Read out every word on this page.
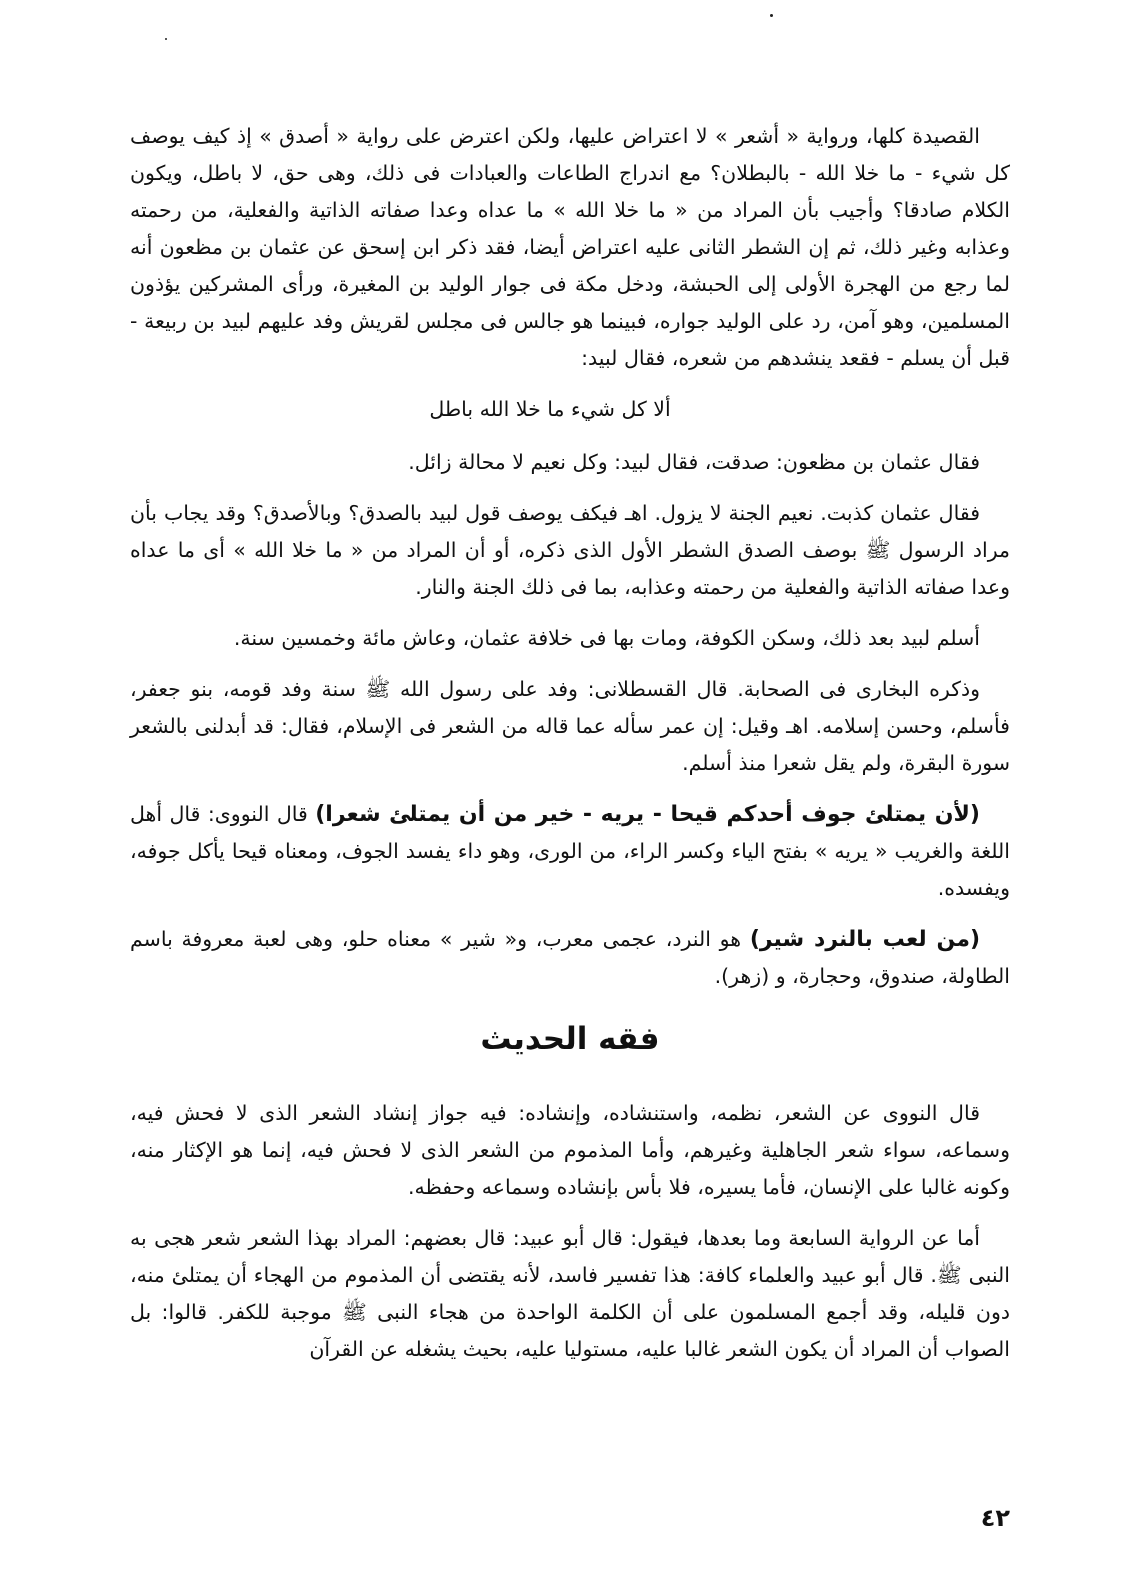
القصيدة كلها، ورواية « أشعر » لا اعتراض عليها، ولكن اعترض على رواية « أصدق » إذ كيف يوصف كل شيء - ما خلا الله - بالبطلان؟ مع اندراج الطاعات والعبادات فى ذلك، وهى حق، لا باطل، ويكون الكلام صادقا؟ وأجيب بأن المراد من « ما خلا الله » ما عداه وعدا صفاته الذاتية والفعلية، من رحمته وعذابه وغير ذلك، ثم إن الشطر الثانى عليه اعتراض أيضا، فقد ذكر ابن إسحق عن عثمان بن مظعون أنه لما رجع من الهجرة الأولى إلى الحبشة، ودخل مكة فى جوار الوليد بن المغيرة، ورأى المشركين يؤذون المسلمين، وهو آمن، رد على الوليد جواره، فبينما هو جالس فى مجلس لقريش وفد عليهم لبيد بن ربيعة - قبل أن يسلم - فقعد ينشدهم من شعره، فقال لبيد:

ألا كل شيء ما خلا الله باطل

فقال عثمان بن مظعون: صدقت، فقال لبيد: وكل نعيم لا محالة زائل.

فقال عثمان كذبت. نعيم الجنة لا يزول. اهـ فيكف يوصف قول لبيد بالصدق؟ وبالأصدق؟ وقد يجاب بأن مراد الرسول ﷺ بوصف الصدق الشطر الأول الذى ذكره، أو أن المراد من « ما خلا الله » أى ما عداه وعدا صفاته الذاتية والفعلية من رحمته وعذابه، بما فى ذلك الجنة والنار.

أسلم لبيد بعد ذلك، وسكن الكوفة، ومات بها فى خلافة عثمان، وعاش مائة وخمسين سنة.

وذكره البخارى فى الصحابة. قال القسطلانى: وفد على رسول الله ﷺ سنة وفد قومه، بنو جعفر، فأسلم، وحسن إسلامه. اهـ وقيل: إن عمر سأله عما قاله من الشعر فى الإسلام، فقال: قد أبدلنى بالشعر سورة البقرة، ولم يقل شعرا منذ أسلم.

(لأن يمتلئ جوف أحدكم قيحا - يريه - خير من أن يمتلئ شعرا) قال النووى: قال أهل اللغة والغريب « يريه » بفتح الياء وكسر الراء، من الورى، وهو داء يفسد الجوف، ومعناه قيحا يأكل جوفه، ويفسده.

(من لعب بالنرد شير) هو النرد، عجمى معرب، و« شير » معناه حلو، وهى لعبة معروفة باسم الطاولة، صندوق، وحجارة، و (زهر).

فقه الحديث

قال النووى عن الشعر، نظمه، واستنشاده، وإنشاده: فيه جواز إنشاد الشعر الذى لا فحش فيه، وسماعه، سواء شعر الجاهلية وغيرهم، وأما المذموم من الشعر الذى لا فحش فيه، إنما هو الإكثار منه، وكونه غالبا على الإنسان، فأما يسيره، فلا بأس بإنشاده وسماعه وحفظه.

أما عن الرواية السابعة وما بعدها، فيقول: قال أبو عبيد: قال بعضهم: المراد بهذا الشعر شعر هجى به النبى ﷺ. قال أبو عبيد والعلماء كافة: هذا تفسير فاسد، لأنه يقتضى أن المذموم من الهجاء أن يمتلئ منه، دون قليله، وقد أجمع المسلمون على أن الكلمة الواحدة من هجاء النبى ﷺ موجبة للكفر. قالوا: بل الصواب أن المراد أن يكون الشعر غالبا عليه، مستوليا عليه، بحيث يشغله عن القرآن

٤٢
